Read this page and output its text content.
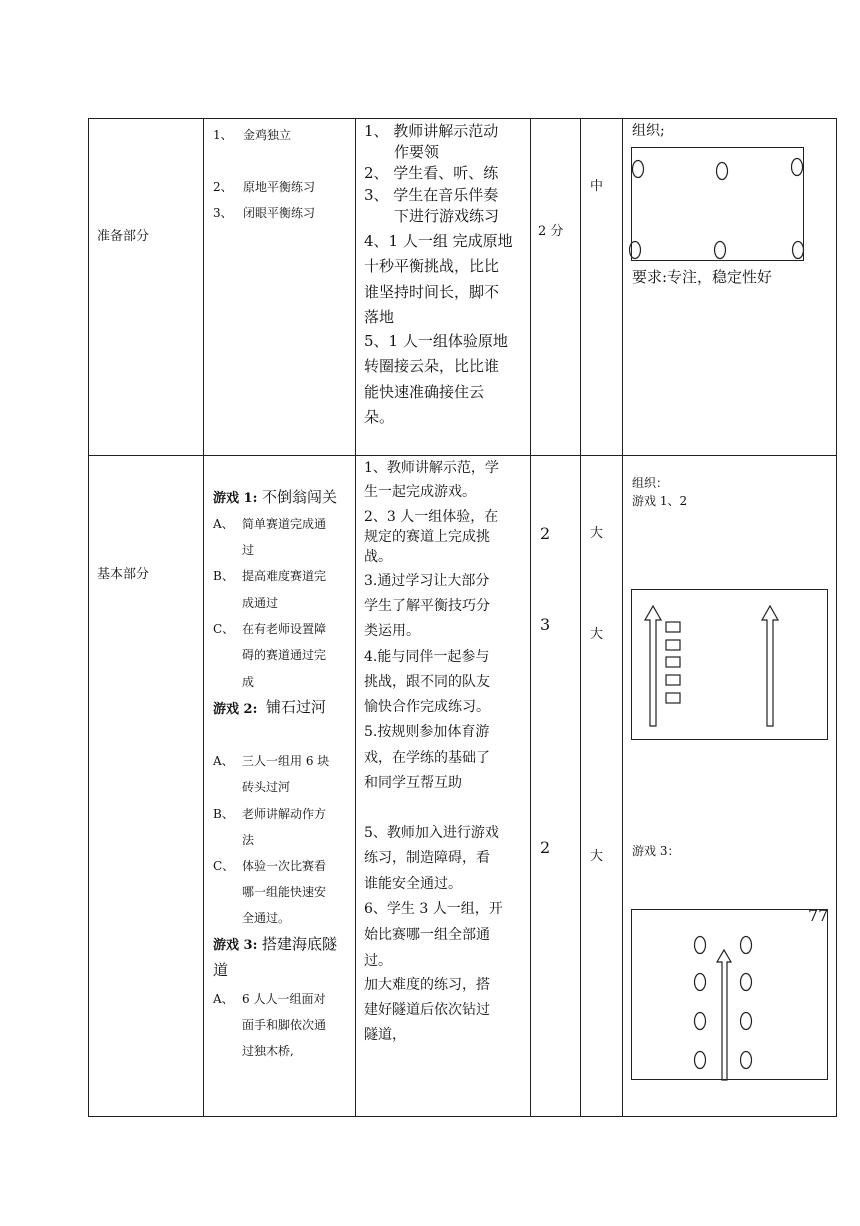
准备部分
1、 金鸡独立
2、 原地平衡练习
3、 闭眼平衡练习
1、 教师讲解示范动
作要领
2、 学生看、听、练
3、 学生在音乐伴奏
下进行游戏练习
4、1 人一组 完成原地
十秒平衡挑战，比比
谁坚持时间长，脚不
落地
5、1 人一组体验原地
转圈接云朵，比比谁
能快速准确接住云
朵。
2 分
中
组织;
要求:专注，稳定性好
基本部分
游戏 1: 不倒翁闯关
A、 简单赛道完成通
过
B、 提高难度赛道完
成通过
C、 在有老师设置障
碍的赛道通过完
成
游戏 2: 铺石过河
A、 三人一组用 6 块
砖头过河
B、 老师讲解动作方
法
C、 体验一次比赛看
哪一组能快速安
全通过。
游戏 3: 搭建海底隧
道
A、 6 人人一组面对
面手和脚依次通
过独木桥,
1、教师讲解示范，学
生一起完成游戏。
2、3 人一组体验，在
规定的赛道上完成挑
战。
3.通过学习让大部分
学生了解平衡技巧分
类运用。
4.能与同伴一起参与
挑战，跟不同的队友
愉快合作完成练习。
5.按规则参加体育游
戏，在学练的基础了
和同学互帮互助
5、教师加入进行游戏
练习，制造障碍，看
谁能安全通过。
6、学生 3 人一组，开
始比赛哪一组全部通
过。
加大难度的练习，搭
建好隧道后依次钻过
隧道，
2
3
2
大
大
大
组织：
游戏 1、2
游戏 3：
77
